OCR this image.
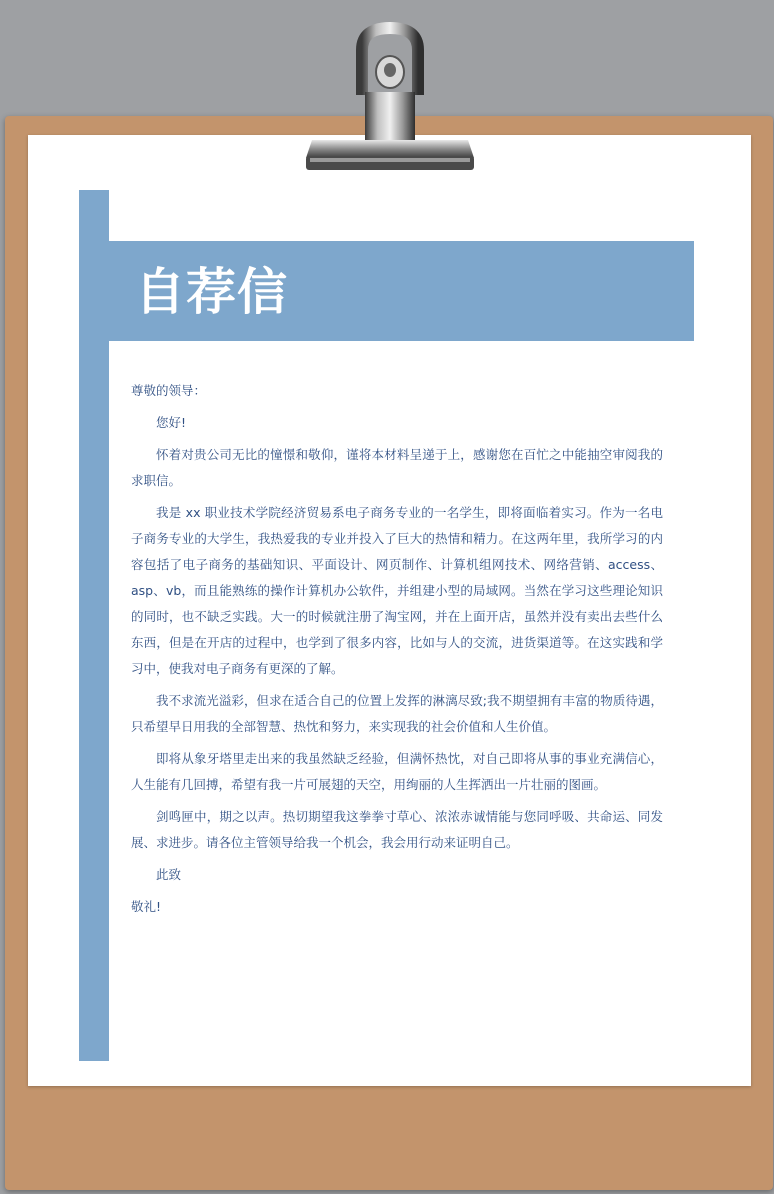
自荐信

尊敬的领导：

您好!

怀着对贵公司无比的憧憬和敬仰，谨将本材料呈递于上，感谢您在百忙之中能抽空审阅我的求职信。

我是 xx 职业技术学院经济贸易系电子商务专业的一名学生，即将面临着实习。作为一名电子商务专业的大学生，我热爱我的专业并投入了巨大的热情和精力。在这两年里，我所学习的内容包括了电子商务的基础知识、平面设计、网页制作、计算机组网技术、网络营销、access、asp、vb，而且能熟练的操作计算机办公软件，并组建小型的局域网。当然在学习这些理论知识的同时，也不缺乏实践。大一的时候就注册了淘宝网，并在上面开店，虽然并没有卖出去些什么东西，但是在开店的过程中，也学到了很多内容，比如与人的交流，进货渠道等。在这实践和学习中，使我对电子商务有更深的了解。

我不求流光溢彩，但求在适合自己的位置上发挥的淋漓尽致;我不期望拥有丰富的物质待遇，只希望早日用我的全部智慧、热忱和努力，来实现我的社会价值和人生价值。

即将从象牙塔里走出来的我虽然缺乏经验，但满怀热忱，对自己即将从事的事业充满信心，人生能有几回搏，希望有我一片可展翅的天空，用绚丽的人生挥洒出一片壮丽的图画。

剑鸣匣中，期之以声。热切期望我这拳拳寸草心、浓浓赤诚情能与您同呼吸、共命运、同发展、求进步。请各位主管领导给我一个机会，我会用行动来证明自己。

此致

敬礼!
